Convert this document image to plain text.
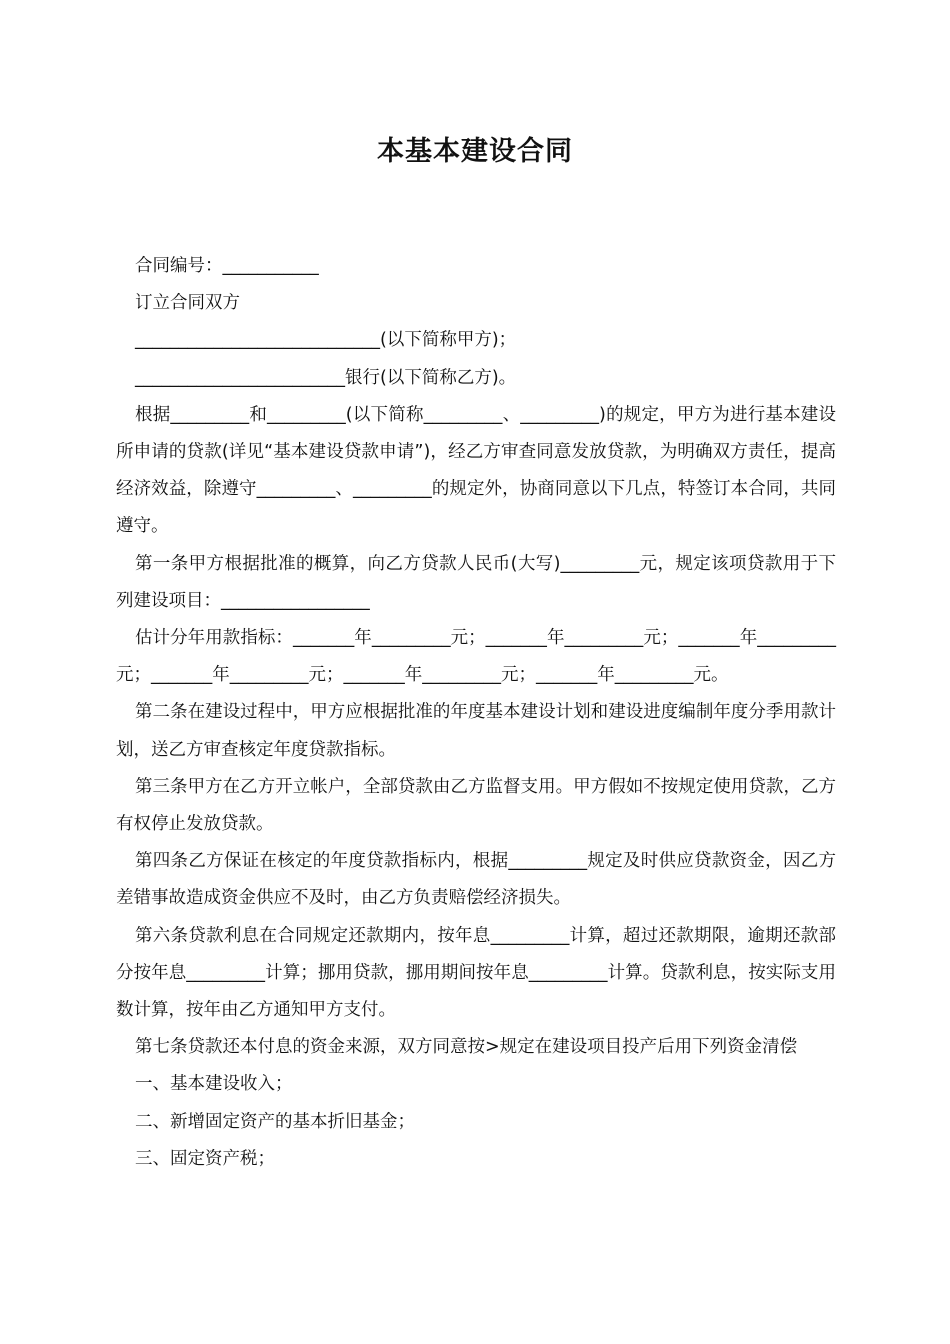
本基本建设合同

合同编号：___________

订立合同双方

____________________________(以下简称甲方)；

________________________银行(以下简称乙方)。

根据_________和_________(以下简称_________、_________)的规定，甲方为进行基本建设所申请的贷款(详见“基本建设贷款申请”)，经乙方审查同意发放贷款，为明确双方责任，提高经济效益，除遵守_________、_________的规定外，协商同意以下几点，特签订本合同，共同遵守。

第一条甲方根据批准的概算，向乙方贷款人民币(大写)_________元，规定该项贷款用于下列建设项目：_________________

估计分年用款指标：_______年_________元；_______年_________元；_______年_________元；_______年_________元；_______年_________元；_______年_________元。

第二条在建设过程中，甲方应根据批准的年度基本建设计划和建设进度编制年度分季用款计划，送乙方审查核定年度贷款指标。

第三条甲方在乙方开立帐户，全部贷款由乙方监督支用。甲方假如不按规定使用贷款，乙方有权停止发放贷款。

第四条乙方保证在核定的年度贷款指标内，根据_________规定及时供应贷款资金，因乙方差错事故造成资金供应不及时，由乙方负责赔偿经济损失。

第六条贷款利息在合同规定还款期内，按年息_________计算，超过还款期限，逾期还款部分按年息_________计算；挪用贷款，挪用期间按年息_________计算。贷款利息，按实际支用数计算，按年由乙方通知甲方支付。

第七条贷款还本付息的资金来源，双方同意按>规定在建设项目投产后用下列资金清偿

一、基本建设收入；

二、新增固定资产的基本折旧基金；

三、固定资产税；
